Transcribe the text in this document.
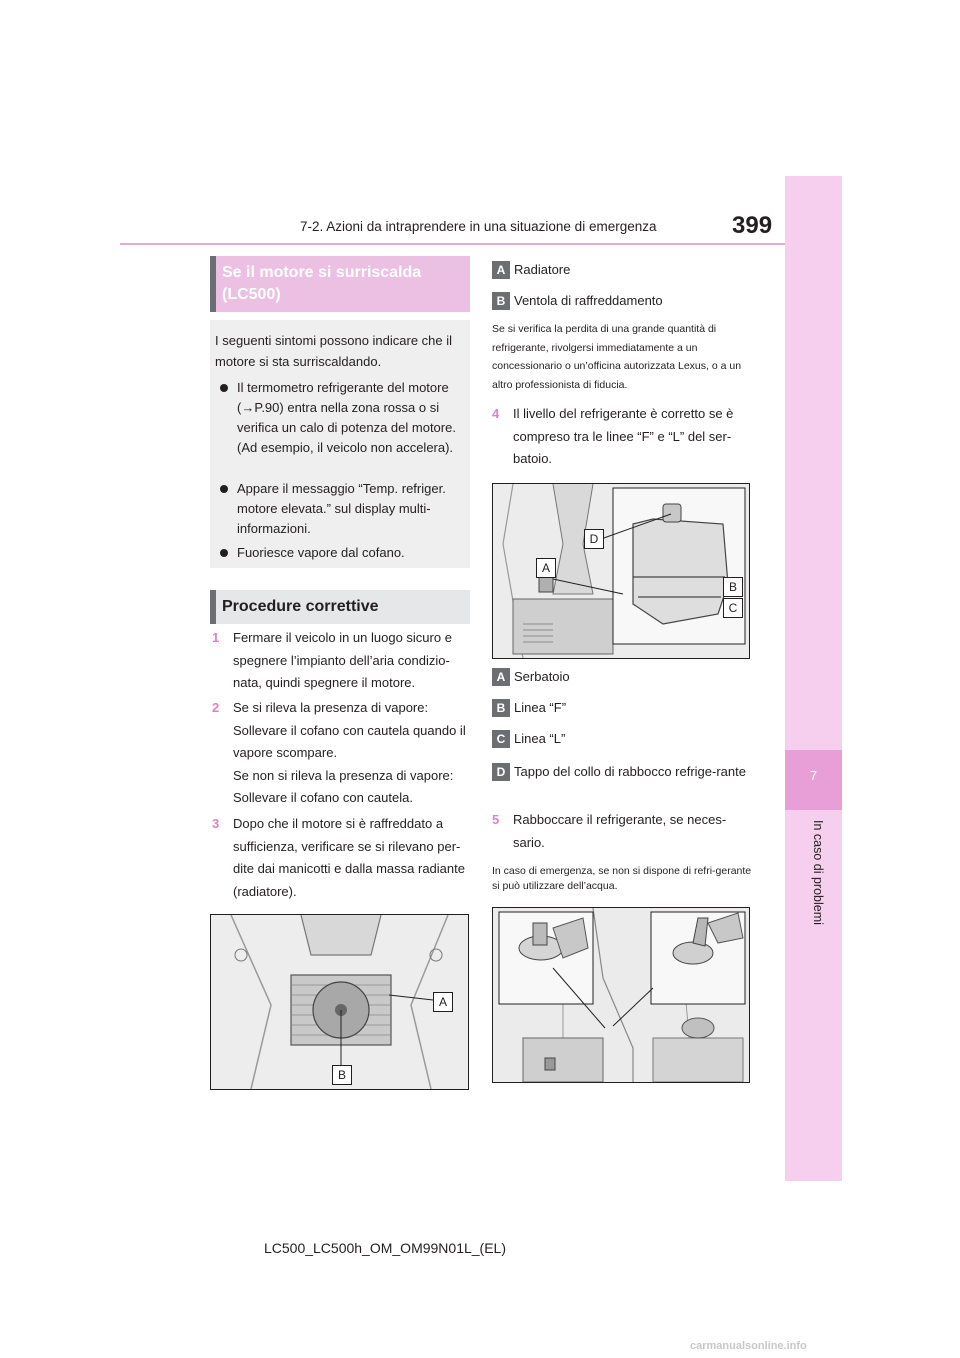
7-2. Azioni da intraprendere in una situazione di emergenza	399
7
In caso di problemi
Se il motore si surriscalda (LC500)
I seguenti sintomi possono indicare che il motore si sta surriscaldando.
Il termometro refrigerante del motore (→P.90) entra nella zona rossa o si verifica un calo di potenza del motore. (Ad esempio, il veicolo non accelera).
Appare il messaggio “Temp. refriger. motore elevata.” sul display multi-informazioni.
Fuoriesce vapore dal cofano.
Procedure correttive
1 Fermare il veicolo in un luogo sicuro e spegnere l’impianto dell’aria condizio-nata, quindi spegnere il motore.
2 Se si rileva la presenza di vapore:
Sollevare il cofano con cautela quando il vapore scompare.
Se non si rileva la presenza di vapore:
Sollevare il cofano con cautela.
3 Dopo che il motore si è raffreddato a sufficienza, verificare se si rilevano per-dite dai manicotti e dalla massa radiante (radiatore).
A
B
A Radiatore
B Ventola di raffreddamento
Se si verifica la perdita di una grande quantità di refrigerante, rivolgersi immediatamente a un concessionario o un’officina autorizzata Lexus, o a un altro professionista di fiducia.
4 Il livello del refrigerante è corretto se è compreso tra le linee “F” e “L” del ser-batoio.
D
A
B
C
A Serbatoio
B Linea “F”
C Linea “L”
D Tappo del collo di rabbocco refrige-rante
5 Rabboccare il refrigerante, se neces-sario.
In caso di emergenza, se non si dispone di refri-gerante si può utilizzare dell’acqua.
LC500_LC500h_OM_OM99N01L_(EL)
carmanualsonline.info
